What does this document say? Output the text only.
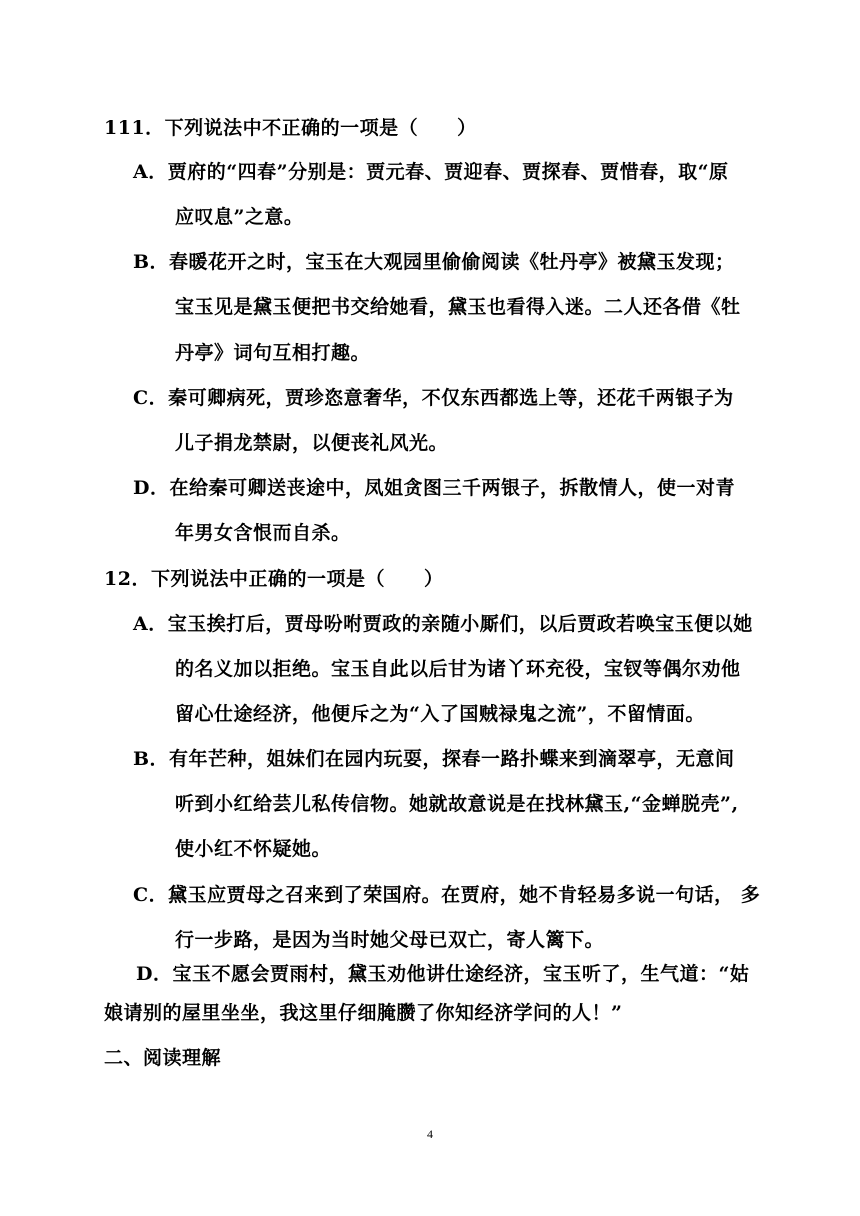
111．下列说法中不正确的一项是（　　）
A．贾府的“四春”分别是：贾元春、贾迎春、贾探春、贾惜春，取“原
应叹息”之意。
B．春暖花开之时，宝玉在大观园里偷偷阅读《牡丹亭》被黛玉发现；
宝玉见是黛玉便把书交给她看，黛玉也看得入迷。二人还各借《牡
丹亭》词句互相打趣。
C．秦可卿病死，贾珍恣意奢华，不仅东西都选上等，还花千两银子为
儿子捐龙禁尉，以便丧礼风光。
D．在给秦可卿送丧途中，凤姐贪图三千两银子，拆散情人，使一对青
年男女含恨而自杀。
12．下列说法中正确的一项是（　　）
A．宝玉挨打后，贾母吩咐贾政的亲随小厮们，以后贾政若唤宝玉便以她
的名义加以拒绝。宝玉自此以后甘为诸丫环充役，宝钗等偶尔劝他
留心仕途经济，他便斥之为“入了国贼禄鬼之流”，不留情面。
B．有年芒种，姐妹们在园内玩耍，探春一路扑蝶来到滴翠亭，无意间
听到小红给芸儿私传信物。她就故意说是在找林黛玉,“金蝉脱壳”,
使小红不怀疑她。
C．黛玉应贾母之召来到了荣国府。在贾府，她不肯轻易多说一句话， 多
行一步路，是因为当时她父母已双亡，寄人篱下。
D．宝玉不愿会贾雨村，黛玉劝他讲仕途经济，宝玉听了，生气道：“姑
娘请别的屋里坐坐，我这里仔细腌臜了你知经济学问的人！”
二、阅读理解
4
